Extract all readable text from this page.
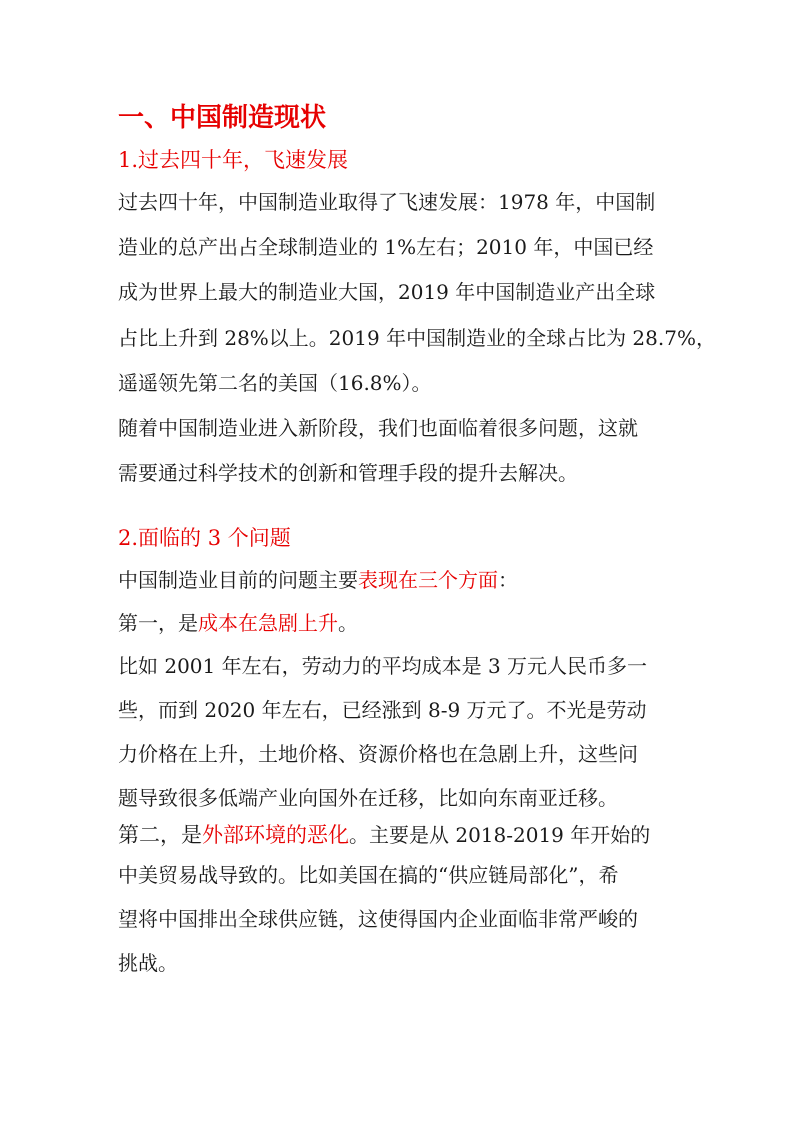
一、中国制造现状
1.过去四十年，飞速发展
过去四十年，中国制造业取得了飞速发展：1978 年，中国制
造业的总产出占全球制造业的 1%左右；2010 年，中国已经
成为世界上最大的制造业大国，2019 年中国制造业产出全球
占比上升到 28%以上。2019 年中国制造业的全球占比为 28.7%，
遥遥领先第二名的美国（16.8%）。
随着中国制造业进入新阶段，我们也面临着很多问题，这就
需要通过科学技术的创新和管理手段的提升去解决。
2.面临的 3 个问题
中国制造业目前的问题主要表现在三个方面：
第一，是成本在急剧上升。
比如 2001 年左右，劳动力的平均成本是 3 万元人民币多一
些，而到 2020 年左右，已经涨到 8-9 万元了。不光是劳动
力价格在上升，土地价格、资源价格也在急剧上升，这些问
题导致很多低端产业向国外在迁移，比如向东南亚迁移。
第二，是外部环境的恶化。主要是从 2018-2019 年开始的
中美贸易战导致的。比如美国在搞的“供应链局部化”，希
望将中国排出全球供应链，这使得国内企业面临非常严峻的
挑战。
